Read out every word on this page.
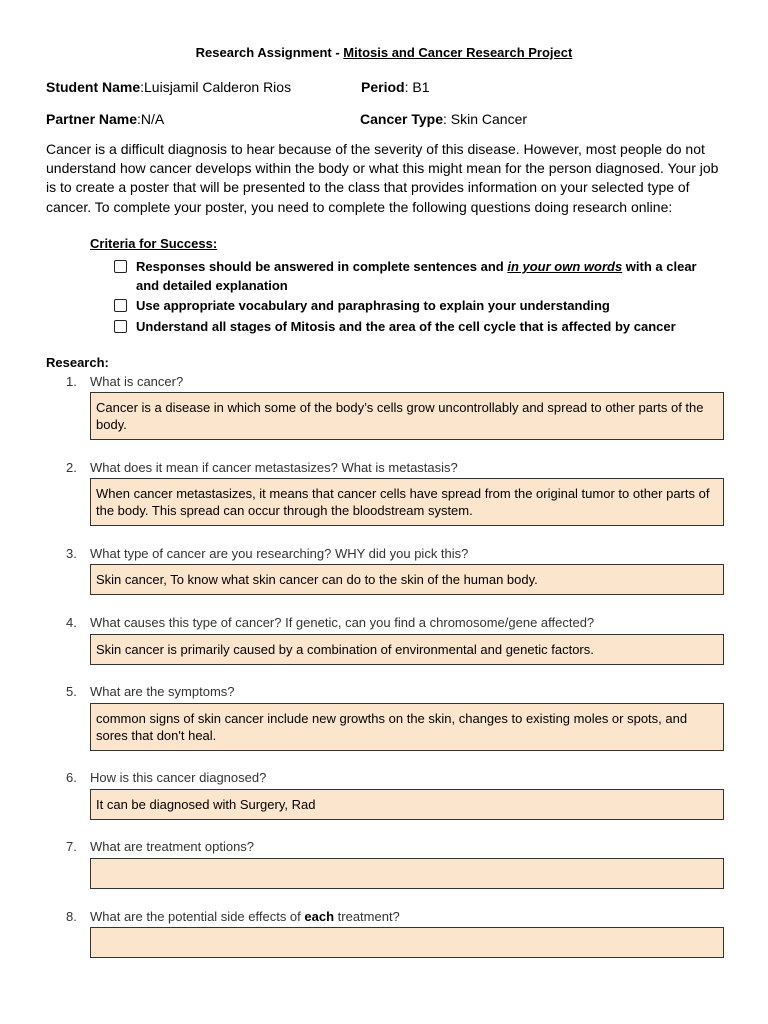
Research Assignment - Mitosis and Cancer Research Project
Student Name:Luisjamil Calderon Rios	Period: B1
Partner Name:N/A	Cancer Type: Skin Cancer
Cancer is a difficult diagnosis to hear because of the severity of this disease. However, most people do not understand how cancer develops within the body or what this might mean for the person diagnosed. Your job is to create a poster that will be presented to the class that provides information on your selected type of cancer. To complete your poster, you need to complete the following questions doing research online:
Criteria for Success:
Responses should be answered in complete sentences and in your own words with a clear and detailed explanation
Use appropriate vocabulary and paraphrasing to explain your understanding
Understand all stages of Mitosis and the area of the cell cycle that is affected by cancer
Research:
1.	What is cancer?
Cancer is a disease in which some of the body’s cells grow uncontrollably and spread to other parts of the body.
2.	What does it mean if cancer metastasizes? What is metastasis?
When cancer metastasizes, it means that cancer cells have spread from the original tumor to other parts of the body. This spread can occur through the bloodstream system.
3.	What type of cancer are you researching? WHY did you pick this?
Skin cancer, To know what skin cancer can do to the skin of the human body.
4.	What causes this type of cancer? If genetic, can you find a chromosome/gene affected?
Skin cancer is primarily caused by a combination of environmental and genetic factors.
5.	What are the symptoms?
common signs of skin cancer include new growths on the skin, changes to existing moles or spots, and sores that don't heal.
6.	How is this cancer diagnosed?
It can be diagnosed with Surgery, Rad
7.	What are treatment options?
8.	What are the potential side effects of each treatment?
